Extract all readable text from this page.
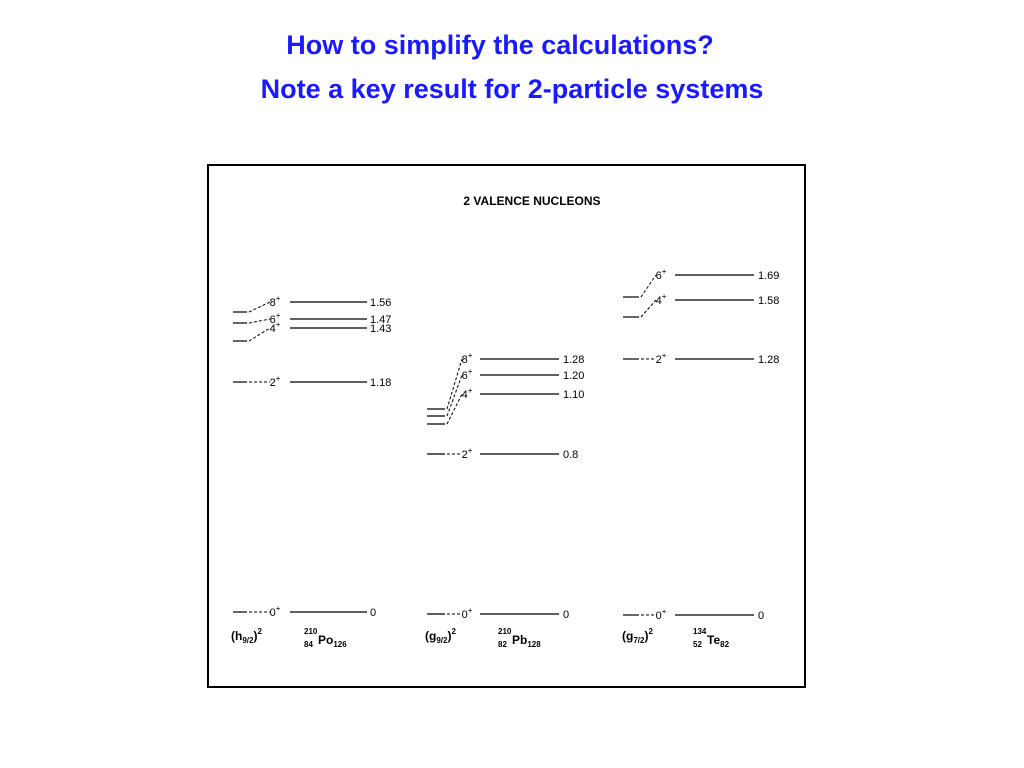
How to simplify the calculations?
Note a key result for 2-particle systems
2 VALENCE NUCLEONS
8+	1.56
6+	1.47
4+	1.43
2+	1.18
0+	0
$(h_{9/2})^2$	$^{210}$
84 $Po_{126}$
8+	1.28
6+	1.20
4+	1.10
2+	0.8
0+	0
$(g_{9/2})^2$	$^{210}$
82 $Pb_{128}$
6+	1.69
4+	1.58
2+	1.28
0+	0
$(g_{7/2})^2$	$^{134}$
52 $Te_{82}$
